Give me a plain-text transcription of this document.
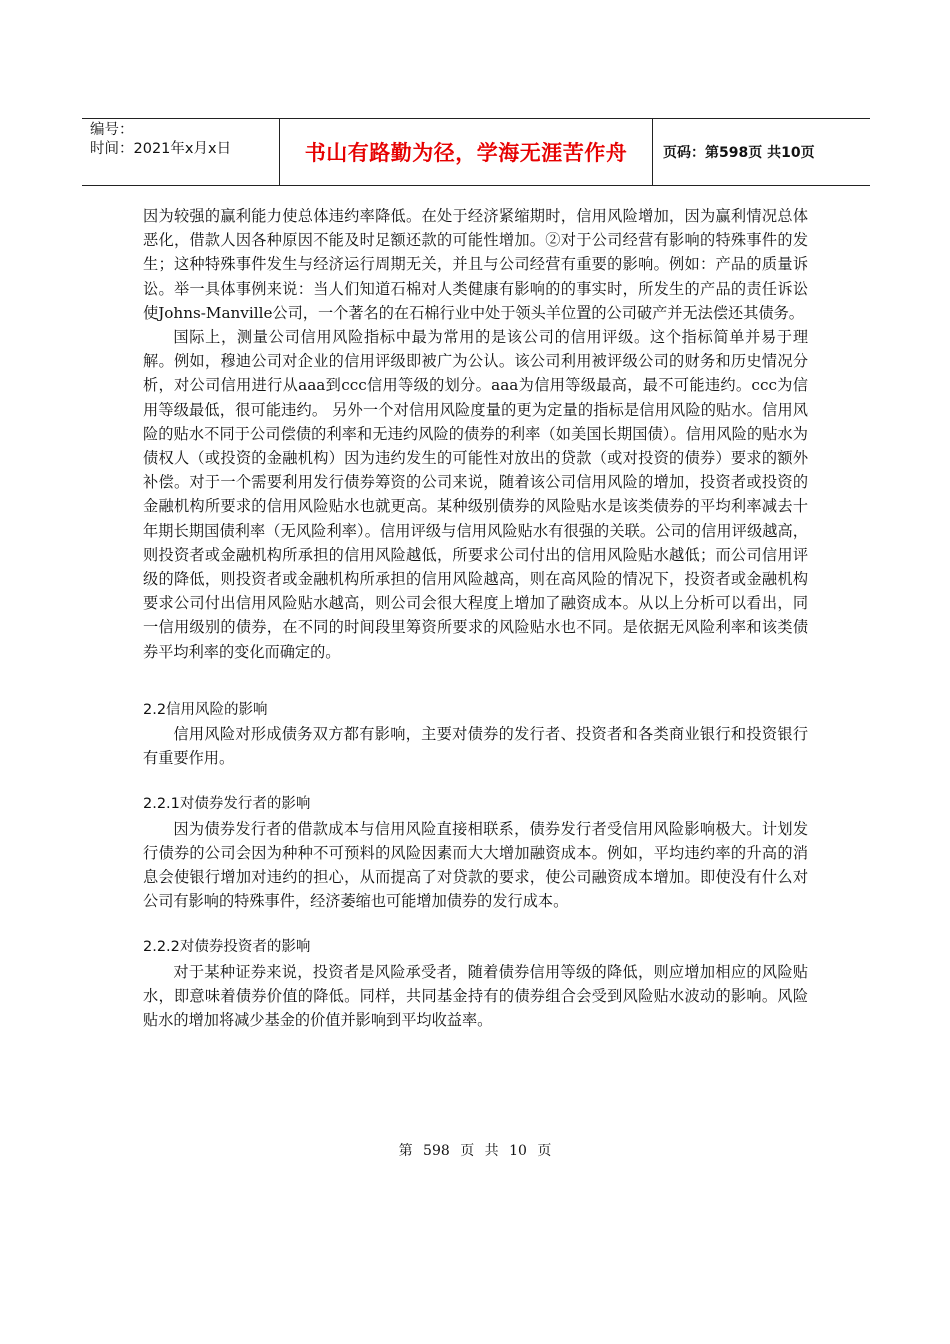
编号：
时间：2021年x月x日	书山有路勤为径，学海无涯苦作舟	页码：第598页 共10页

因为较强的赢利能力使总体违约率降低。在处于经济紧缩期时，信用风险增加，因为赢利情况总体恶化，借款人因各种原因不能及时足额还款的可能性增加。②对于公司经营有影响的特殊事件的发生；这种特殊事件发生与经济运行周期无关，并且与公司经营有重要的影响。例如：产品的质量诉讼。举一具体事例来说：当人们知道石棉对人类健康有影响的的事实时，所发生的产品的责任诉讼使Johns-Manville公司，一个著名的在石棉行业中处于领头羊位置的公司破产并无法偿还其债务。

国际上，测量公司信用风险指标中最为常用的是该公司的信用评级。这个指标简单并易于理解。例如，穆迪公司对企业的信用评级即被广为公认。该公司利用被评级公司的财务和历史情况分析，对公司信用进行从aaa到ccc信用等级的划分。aaa为信用等级最高，最不可能违约。ccc为信用等级最低，很可能违约。 另外一个对信用风险度量的更为定量的指标是信用风险的贴水。信用风险的贴水不同于公司偿债的利率和无违约风险的债券的利率（如美国长期国债）。信用风险的贴水为债权人（或投资的金融机构）因为违约发生的可能性对放出的贷款（或对投资的债券）要求的额外补偿。对于一个需要利用发行债券筹资的公司来说，随着该公司信用风险的增加，投资者或投资的金融机构所要求的信用风险贴水也就更高。某种级别债券的风险贴水是该类债券的平均利率减去十年期长期国债利率（无风险利率）。信用评级与信用风险贴水有很强的关联。公司的信用评级越高，则投资者或金融机构所承担的信用风险越低，所要求公司付出的信用风险贴水越低；而公司信用评级的降低，则投资者或金融机构所承担的信用风险越高，则在高风险的情况下，投资者或金融机构要求公司付出信用风险贴水越高，则公司会很大程度上增加了融资成本。从以上分析可以看出，同一信用级别的债券，在不同的时间段里筹资所要求的风险贴水也不同。是依据无风险利率和该类债券平均利率的变化而确定的。

2.2信用风险的影响

信用风险对形成债务双方都有影响，主要对债券的发行者、投资者和各类商业银行和投资银行有重要作用。

2.2.1对债券发行者的影响

因为债券发行者的借款成本与信用风险直接相联系，债券发行者受信用风险影响极大。计划发行债券的公司会因为种种不可预料的风险因素而大大增加融资成本。例如，平均违约率的升高的消息会使银行增加对违约的担心，从而提高了对贷款的要求，使公司融资成本增加。即使没有什么对公司有影响的特殊事件，经济萎缩也可能增加债券的发行成本。

2.2.2对债券投资者的影响

对于某种证券来说，投资者是风险承受者，随着债券信用等级的降低，则应增加相应的风险贴水，即意味着债券价值的降低。同样，共同基金持有的债券组合会受到风险贴水波动的影响。风险贴水的增加将减少基金的价值并影响到平均收益率。

第 598 页 共 10 页
